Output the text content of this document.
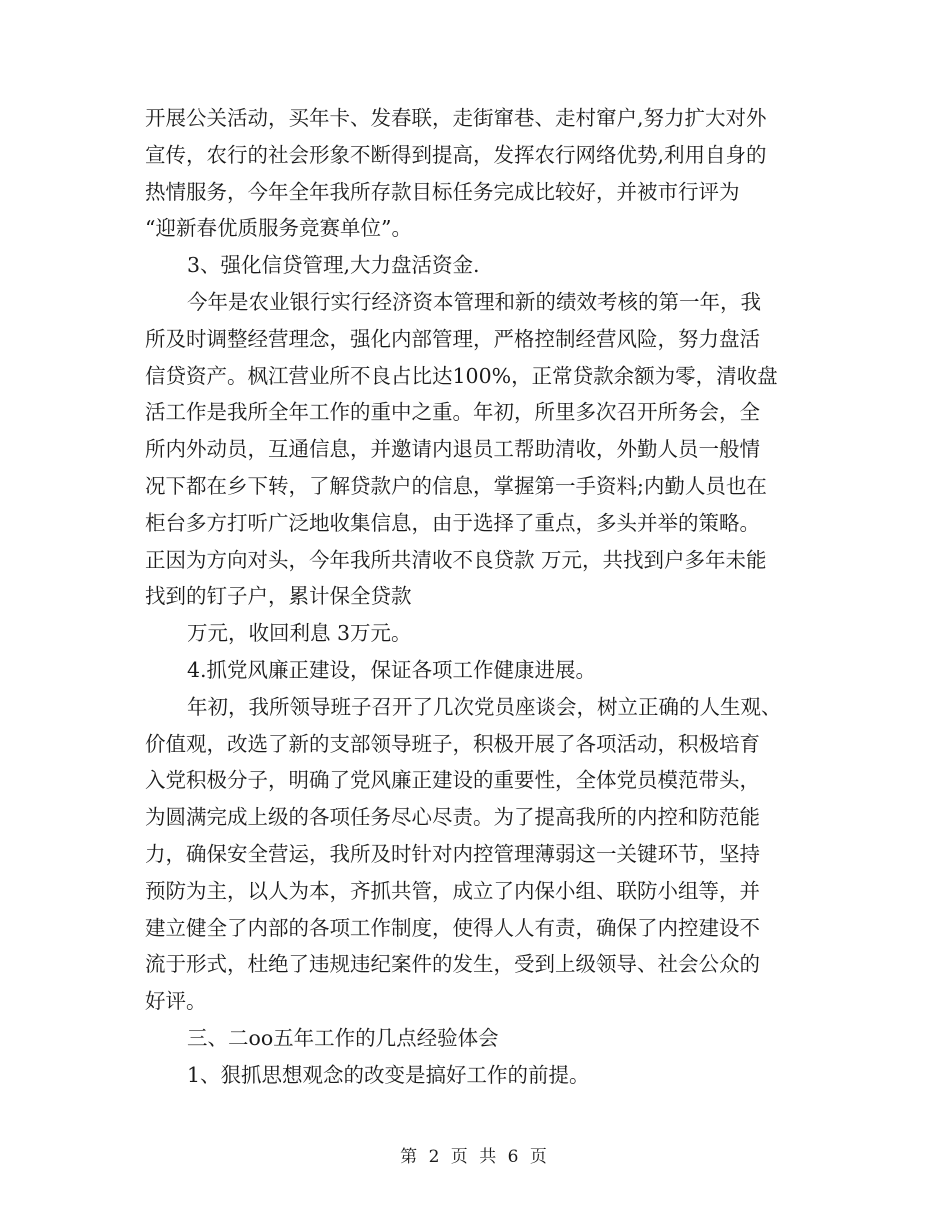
开展公关活动，买年卡、发春联，走街窜巷、走村窜户,努力扩大对外
宣传，农行的社会形象不断得到提高，发挥农行网络优势,利用自身的
热情服务，今年全年我所存款目标任务完成比较好，并被市行评为
“迎新春优质服务竞赛单位”。
3、强化信贷管理,大力盘活资金.
今年是农业银行实行经济资本管理和新的绩效考核的第一年，我
所及时调整经营理念，强化内部管理，严格控制经营风险，努力盘活
信贷资产。枫江营业所不良占比达100%，正常贷款余额为零，清收盘
活工作是我所全年工作的重中之重。年初，所里多次召开所务会，全
所内外动员，互通信息，并邀请内退员工帮助清收，外勤人员一般情
况下都在乡下转，了解贷款户的信息，掌握第一手资料;内勤人员也在
柜台多方打听广泛地收集信息，由于选择了重点，多头并举的策略。
正因为方向对头，今年我所共清收不良贷款 万元，共找到户多年未能
找到的钉子户，累计保全贷款
万元，收回利息 3万元。
4.抓党风廉正建设，保证各项工作健康进展。
年初，我所领导班子召开了几次党员座谈会，树立正确的人生观、
价值观，改选了新的支部领导班子，积极开展了各项活动，积极培育
入党积极分子，明确了党风廉正建设的重要性，全体党员模范带头，
为圆满完成上级的各项任务尽心尽责。为了提高我所的内控和防范能
力，确保安全营运，我所及时针对内控管理薄弱这一关键环节，坚持
预防为主，以人为本，齐抓共管，成立了内保小组、联防小组等，并
建立健全了内部的各项工作制度，使得人人有责，确保了内控建设不
流于形式，杜绝了违规违纪案件的发生，受到上级领导、社会公众的
好评。
三、二oo五年工作的几点经验体会
1、狠抓思想观念的改变是搞好工作的前提。
第 2 页 共 6 页
